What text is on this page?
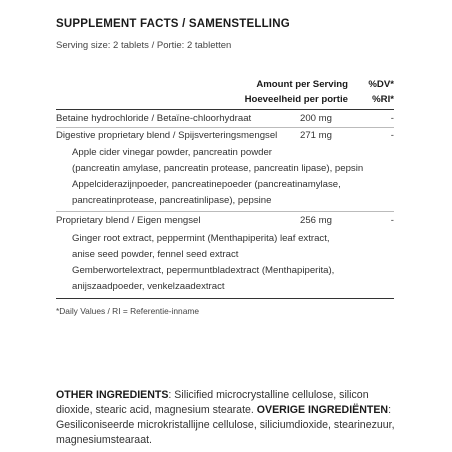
SUPPLEMENT FACTS / SAMENSTELLING
Serving size: 2 tablets / Portie: 2 tabletten
Amount per Serving
Hoeveelheid per portie
%DV*
%RI*
Betaine hydrochloride / Betaïne-chloorhydraat	200 mg	-
Digestive proprietary blend / Spijsverteringsmengsel 271 mg	-
Apple cider vinegar powder, pancreatin powder
(pancreatin amylase, pancreatin protease, pancreatin lipase), pepsin
Appelciderazijnpoeder, pancreatinepoeder (pancreatinamylase,
pancreatinprotease, pancreatinlipase), pepsine
Proprietary blend / Eigen mengsel	256 mg	-
Ginger root extract, peppermint (Menthapiperita) leaf extract,
anise seed powder, fennel seed extract
Gemberwortelextract, pepermuntbladextract (Menthapiperita),
anijszaadpoeder, venkelzaadextract
*Daily Values / RI = Referentie-inname
OTHER INGREDIENTS: Silicified microcrystalline cellulose, silicon dioxide, stearic acid, magnesium stearate. OVERIGE INGREDIËNTEN: Gesiliconiseerde microkristallijne cellulose, siliciumdioxide, stearinezuur, magnesiumstearaat.
